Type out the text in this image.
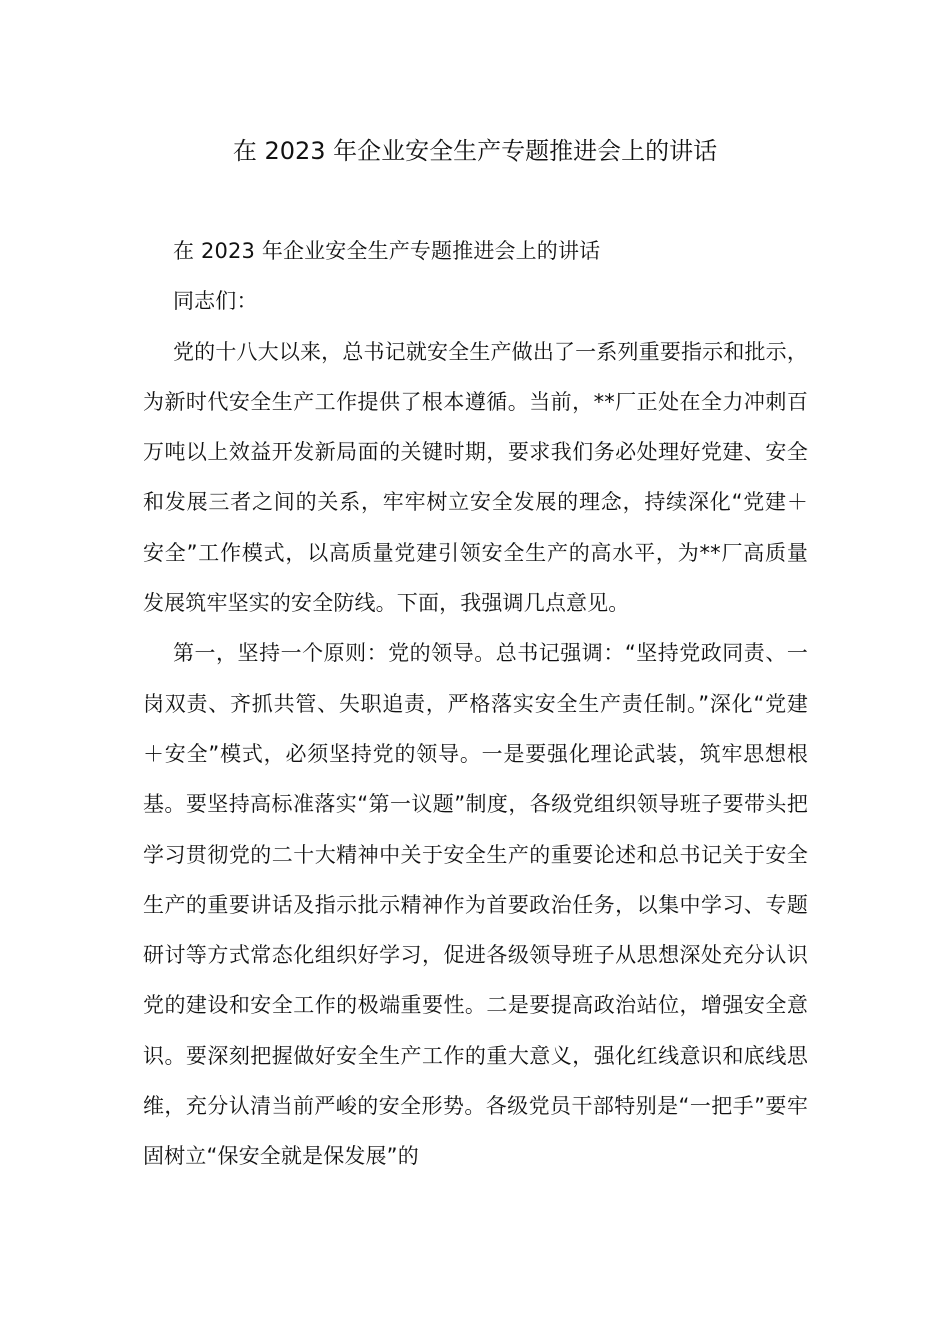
在 2023 年企业安全生产专题推进会上的讲话

在 2023 年企业安全生产专题推进会上的讲话

同志们：

党的十八大以来，总书记就安全生产做出了一系列重要指示和批示，为新时代安全生产工作提供了根本遵循。当前，**厂正处在全力冲刺百万吨以上效益开发新局面的关键时期，要求我们务必处理好党建、安全和发展三者之间的关系，牢牢树立安全发展的理念，持续深化“党建＋安全”工作模式，以高质量党建引领安全生产的高水平，为**厂高质量发展筑牢坚实的安全防线。下面，我强调几点意见。

第一，坚持一个原则：党的领导。总书记强调：“坚持党政同责、一岗双责、齐抓共管、失职追责，严格落实安全生产责任制。”深化“党建＋安全”模式，必须坚持党的领导。一是要强化理论武装，筑牢思想根基。要坚持高标准落实“第一议题”制度，各级党组织领导班子要带头把学习贯彻党的二十大精神中关于安全生产的重要论述和总书记关于安全生产的重要讲话及指示批示精神作为首要政治任务，以集中学习、专题研讨等方式常态化组织好学习，促进各级领导班子从思想深处充分认识党的建设和安全工作的极端重要性。二是要提高政治站位，增强安全意识。要深刻把握做好安全生产工作的重大意义，强化红线意识和底线思维，充分认清当前严峻的安全形势。各级党员干部特别是“一把手”要牢固树立“保安全就是保发展”的
